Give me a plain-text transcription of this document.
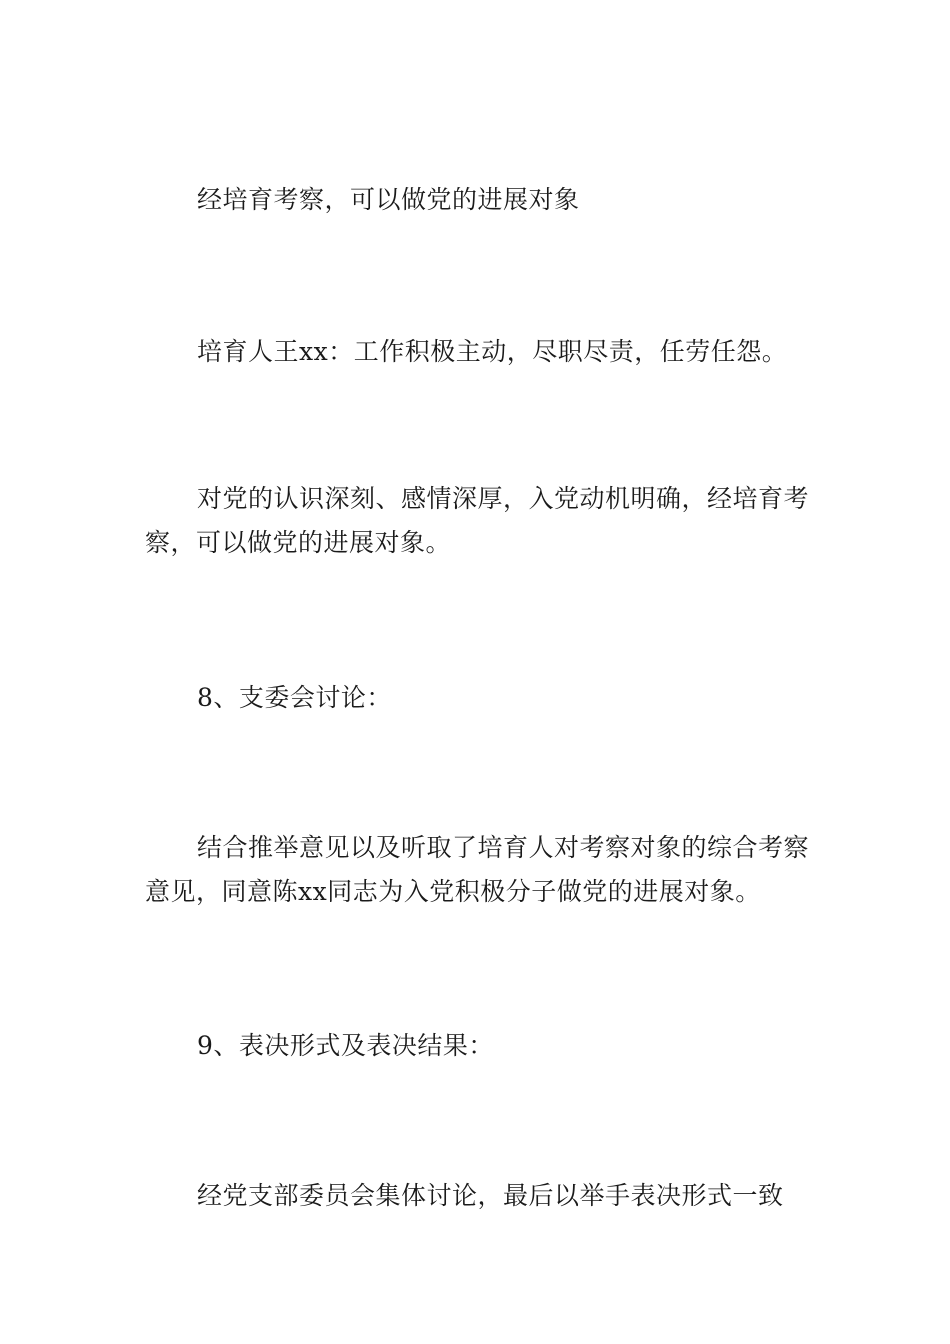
经培育考察，可以做党的进展对象

培育人王xx：工作积极主动，尽职尽责，任劳任怨。

对党的认识深刻、感情深厚，入党动机明确，经培育考察，可以做党的进展对象。

8、支委会讨论：

结合推举意见以及听取了培育人对考察对象的综合考察意见，同意陈xx同志为入党积极分子做党的进展对象。

9、表决形式及表决结果：

经党支部委员会集体讨论，最后以举手表决形式一致
